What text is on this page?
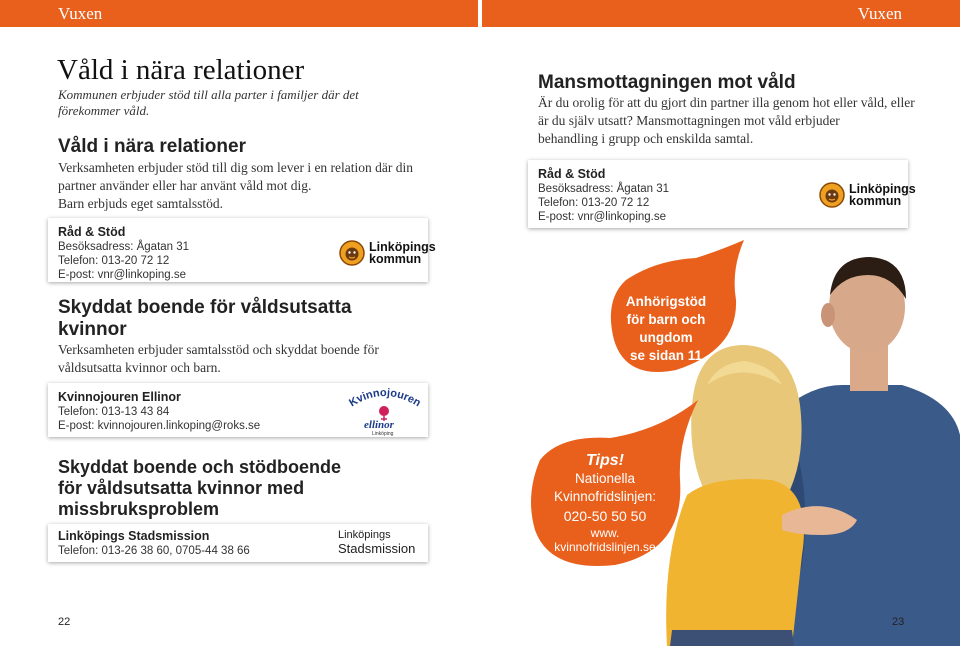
Vuxen	Vuxen
Våld i nära relationer
Kommunen erbjuder stöd till alla parter i familjer där det
förekommer våld.
Våld i nära relationer
Verksamheten erbjuder stöd till dig som lever i en relation där din
partner använder eller har använt våld mot dig.
Barn erbjuds eget samtalsstöd.
Råd & Stöd
Besöksadress: Ågatan 31
Telefon: 013-20 72 12
E-post: vnr@linkoping.se
Linköpings
kommun
Skyddat boende för våldsutsatta
kvinnor
Verksamheten erbjuder samtalsstöd och skyddat boende för
våldsutsatta kvinnor och barn.
Kvinnojouren Ellinor
Telefon: 013-13 43 84
E-post: kvinnojouren.linkoping@roks.se
Kvinnojouren
ellinor
Linköping
Skyddat boende och stödboende
för våldsutsatta kvinnor med
missbruksproblem
Linköpings Stadsmission
Telefon: 013-26 38 60, 0705-44 38 66
Linköpings
Stadsmission
22
Mansmottagningen mot våld
Är du orolig för att du gjort din partner illa genom hot eller våld, eller
är du själv utsatt? Mansmottagningen mot våld erbjuder
behandling i grupp och enskilda samtal.
Råd & Stöd
Besöksadress: Ågatan 31
Telefon: 013-20 72 12
E-post: vnr@linkoping.se
Linköpings
kommun
Anhörigstöd
för barn och
ungdom
se sidan 11
Tips!
Nationella
Kvinnofridslinjen:
020-50 50 50
www.
kvinnofridslinjen.se
23
